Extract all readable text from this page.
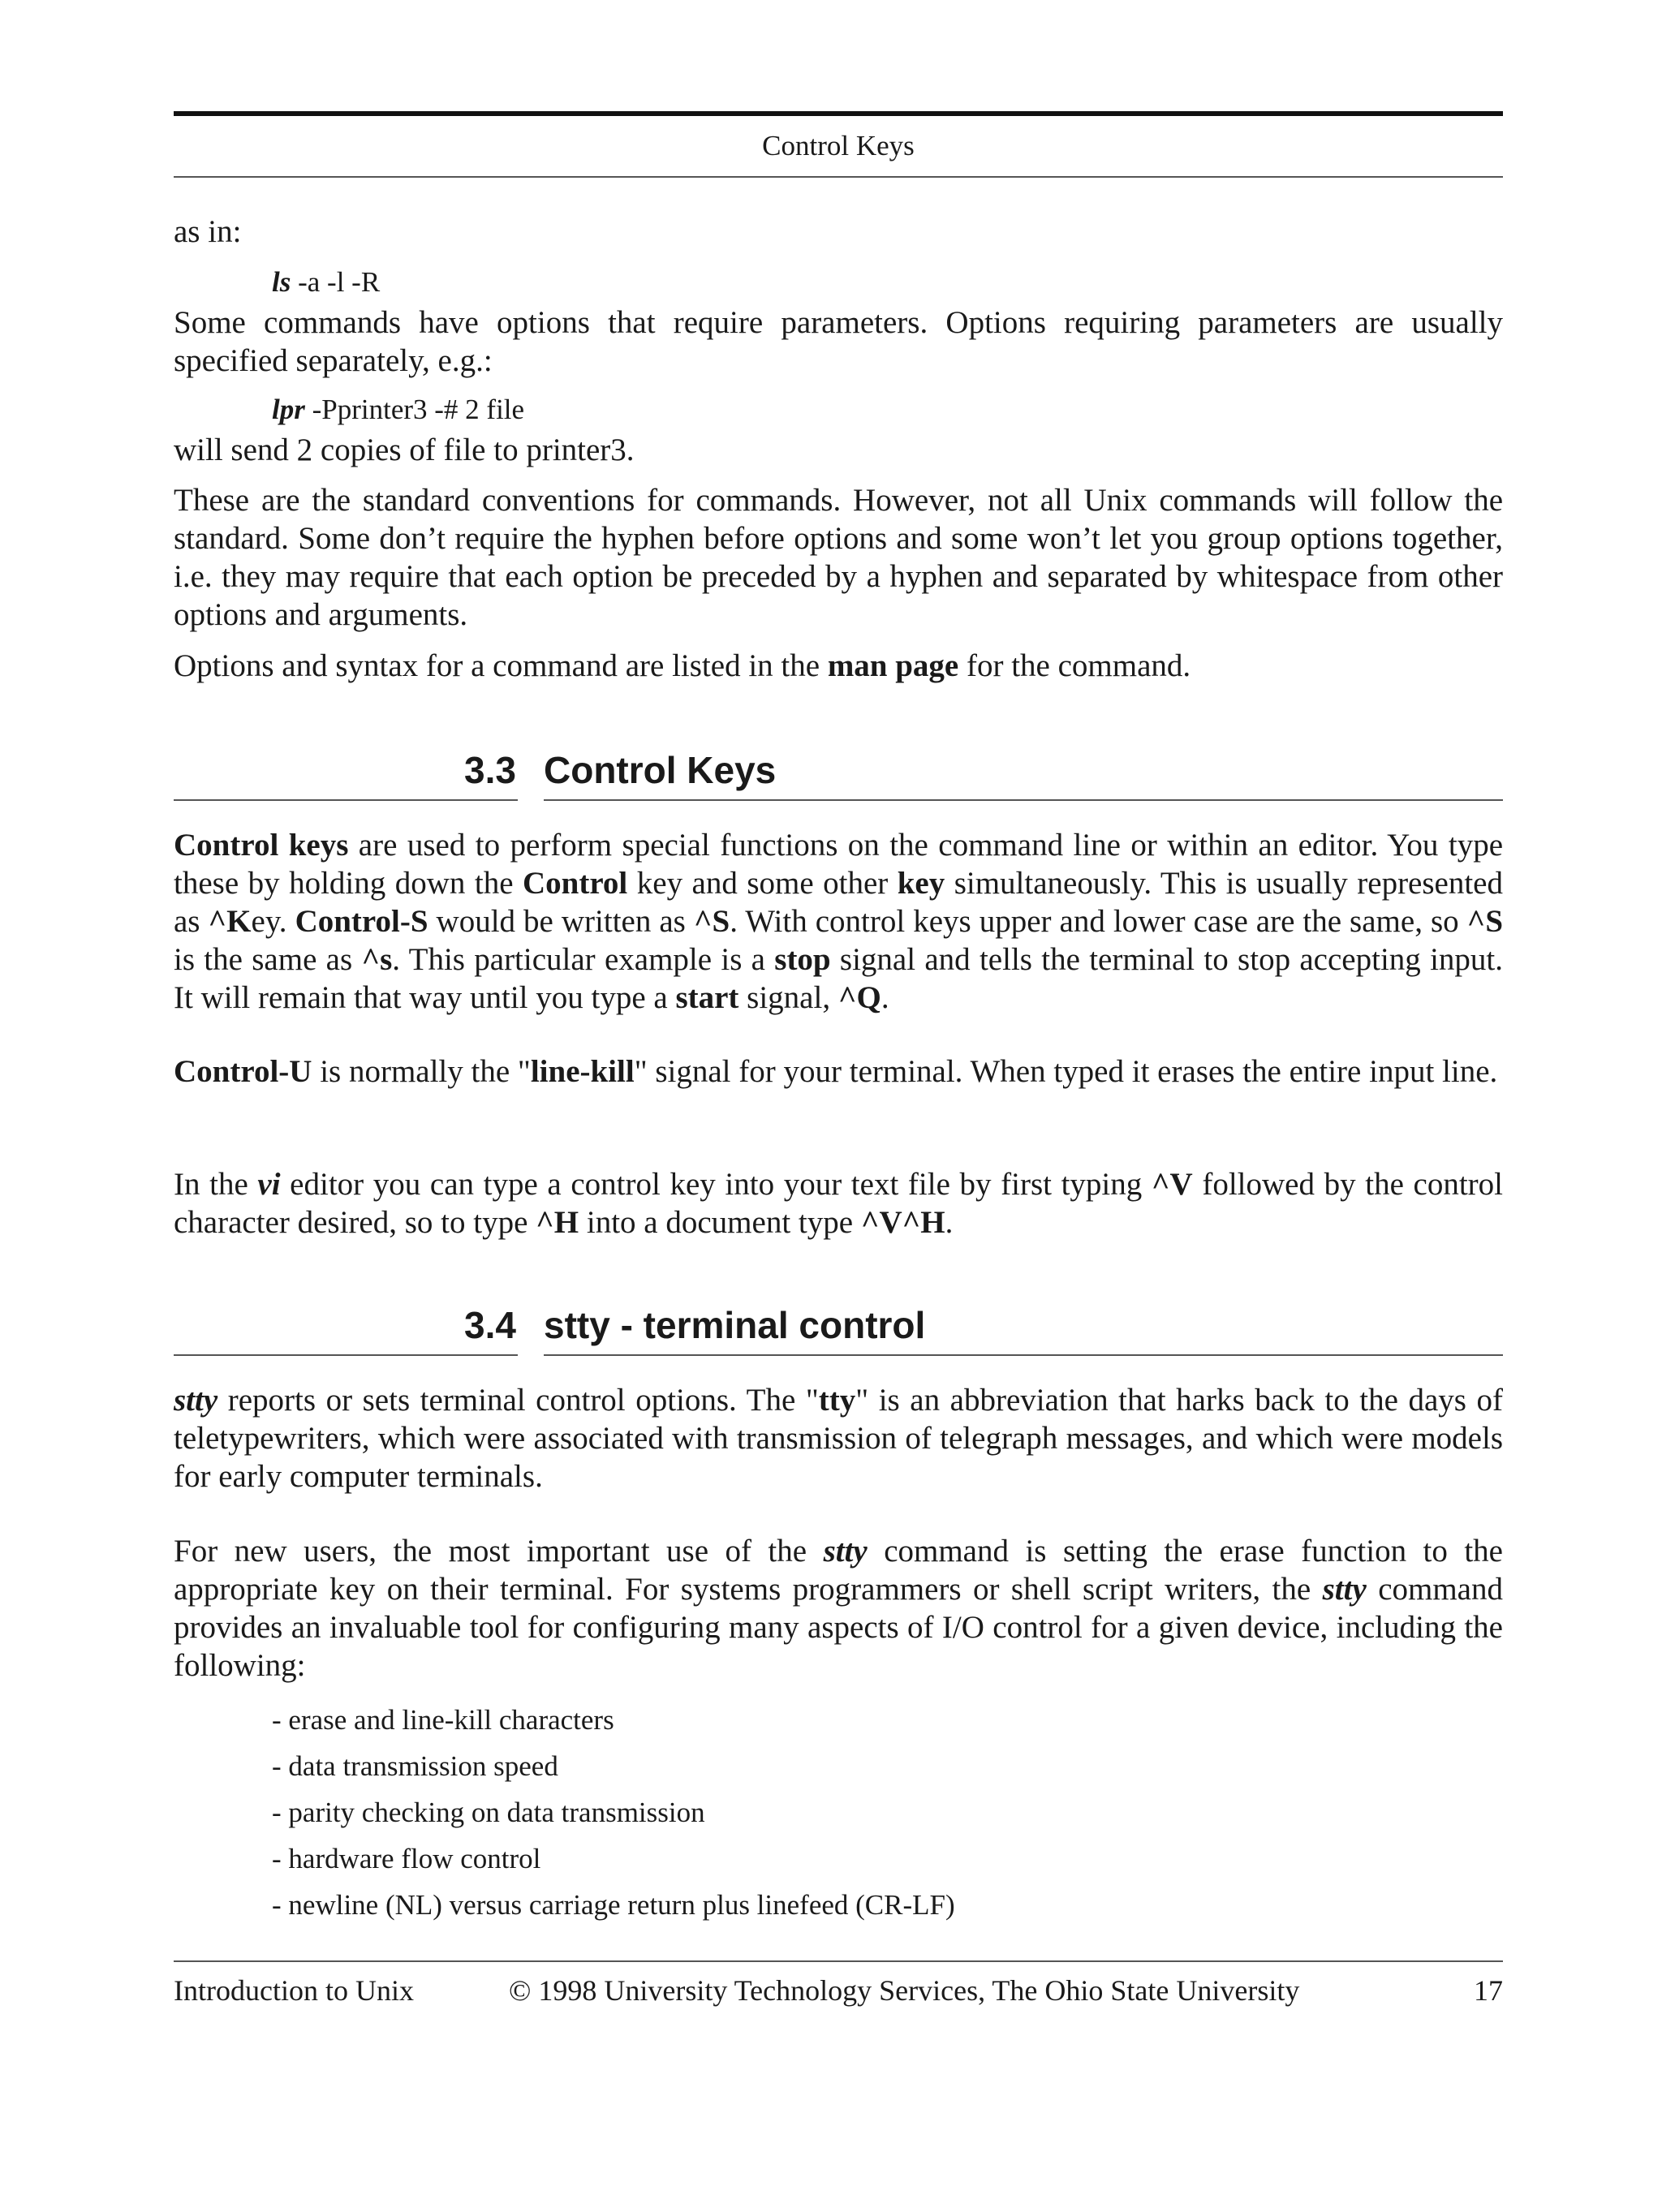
Control Keys

as in:

ls -a -l -R

Some commands have options that require parameters. Options requiring parameters are usually specified separately, e.g.:

lpr -Pprinter3 -# 2 file

will send 2 copies of file to printer3.

These are the standard conventions for commands. However, not all Unix commands will follow the standard. Some don’t require the hyphen before options and some won’t let you group options together, i.e. they may require that each option be preceded by a hyphen and separated by whitespace from other options and arguments.

Options and syntax for a command are listed in the man page for the command.

3.3 Control Keys

Control keys are used to perform special functions on the command line or within an editor. You type these by holding down the Control key and some other key simultaneously. This is usually represented as ^Key. Control-S would be written as ^S. With control keys upper and lower case are the same, so ^S is the same as ^s. This particular example is a stop signal and tells the terminal to stop accepting input. It will remain that way until you type a start signal, ^Q.

Control-U is normally the "line-kill" signal for your terminal. When typed it erases the entire input line.

In the vi editor you can type a control key into your text file by first typing ^V followed by the control character desired, so to type ^H into a document type ^V^H.

3.4 stty - terminal control

stty reports or sets terminal control options. The "tty" is an abbreviation that harks back to the days of teletypewriters, which were associated with transmission of telegraph messages, and which were models for early computer terminals.

For new users, the most important use of the stty command is setting the erase function to the appropriate key on their terminal. For systems programmers or shell script writers, the stty command provides an invaluable tool for configuring many aspects of I/O control for a given device, including the following:

- erase and line-kill characters
- data transmission speed
- parity checking on data transmission
- hardware flow control
- newline (NL) versus carriage return plus linefeed (CR-LF)
Introduction to Unix	© 1998 University Technology Services, The Ohio State University	17
